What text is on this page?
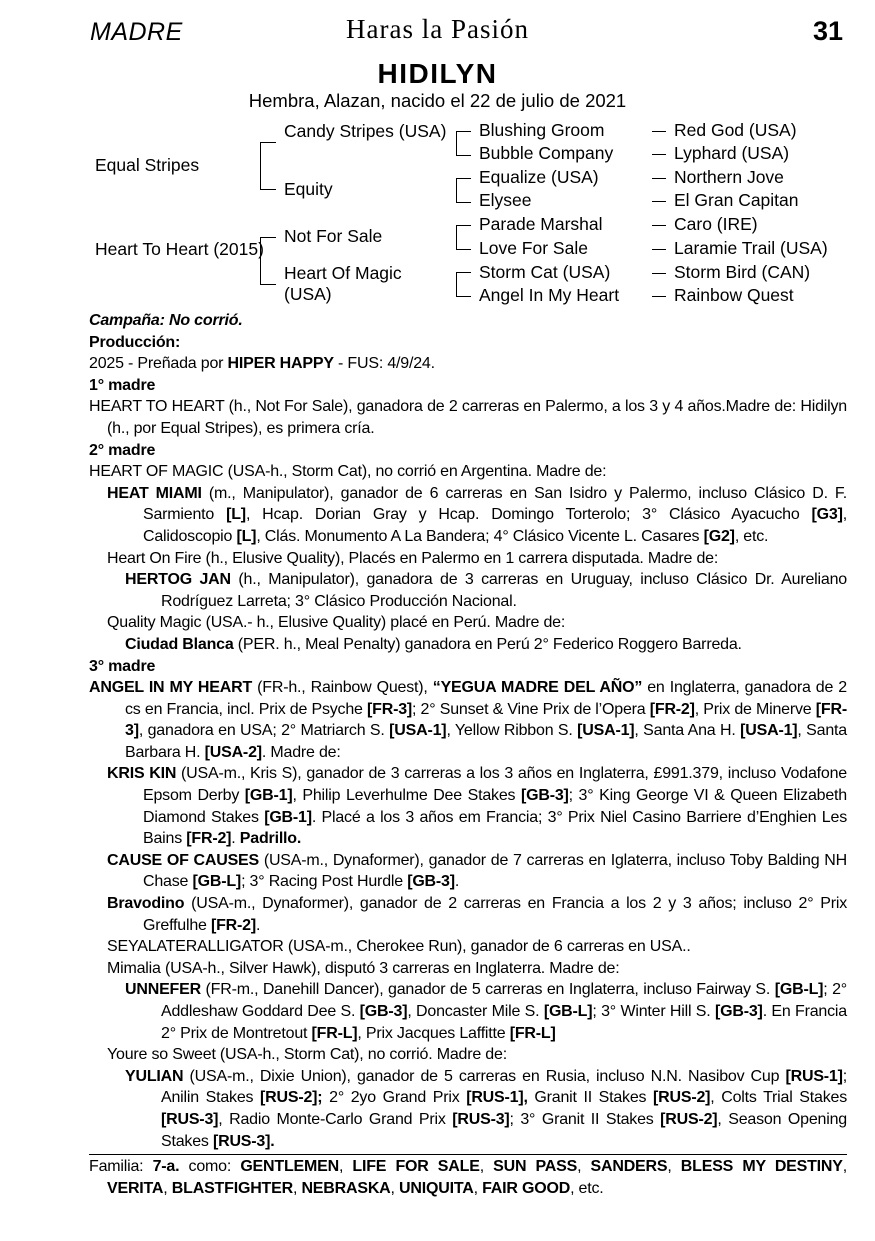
MADRE	Haras la Pasión	31
HIDILYN
Hembra, Alazan, nacido el 22 de julio de 2021
Equal Stripes
Heart To Heart (2015)
Candy Stripes (USA)
Equity
Not For Sale
Heart Of Magic (USA)
Blushing Groom
Bubble Company
Equalize (USA)
Elysee
Parade Marshal
Love For Sale
Storm Cat (USA)
Angel In My Heart
Red God (USA)
Lyphard (USA)
Northern Jove
El Gran Capitan
Caro (IRE)
Laramie Trail (USA)
Storm Bird (CAN)
Rainbow Quest

Campaña: No corrió.

Producción:

2025 - Preñada por HIPER HAPPY - FUS: 4/9/24.

1° madre

HEART TO HEART (h., Not For Sale), ganadora de 2 carreras en Palermo, a los 3 y 4 años.Madre de: Hidilyn (h., por Equal Stripes), es primera cría.

2° madre

HEART OF MAGIC (USA-h., Storm Cat), no corrió en Argentina. Madre de:

HEAT MIAMI (m., Manipulator), ganador de 6 carreras en San Isidro y Palermo, incluso Clásico D. F. Sarmiento [L], Hcap. Dorian Gray y Hcap. Domingo Torterolo; 3° Clásico Ayacucho [G3], Calidoscopio [L], Clás. Monumento A La Bandera; 4° Clásico Vicente L. Casares [G2], etc.

Heart On Fire (h., Elusive Quality), Placés en Palermo en 1 carrera disputada. Madre de:

HERTOG JAN (h., Manipulator), ganadora de 3 carreras en Uruguay, incluso Clásico Dr. Aureliano Rodríguez Larreta; 3° Clásico Producción Nacional.

Quality Magic (USA.- h., Elusive Quality) placé en Perú. Madre de:

Ciudad Blanca (PER. h., Meal Penalty) ganadora en Perú 2° Federico Roggero Barreda.

3° madre

ANGEL IN MY HEART (FR-h., Rainbow Quest), “YEGUA MADRE DEL AÑO” en Inglaterra, ganadora de 2 cs en Francia, incl. Prix de Psyche [FR-3]; 2° Sunset & Vine Prix de l’Opera [FR-2], Prix de Minerve [FR-3], ganadora en USA; 2° Matriarch S. [USA-1], Yellow Ribbon S. [USA-1], Santa Ana H. [USA-1], Santa Barbara H. [USA-2]. Madre de:

KRIS KIN (USA-m., Kris S), ganador de 3 carreras a los 3 años en Inglaterra, £991.379, incluso Vodafone Epsom Derby [GB-1], Philip Leverhulme Dee Stakes [GB-3]; 3° King George VI & Queen Elizabeth Diamond Stakes [GB-1]. Placé a los 3 años em Francia; 3° Prix Niel Casino Barriere d’Enghien Les Bains [FR-2]. Padrillo.

CAUSE OF CAUSES (USA-m., Dynaformer), ganador de 7 carreras en Iglaterra, incluso Toby Balding NH Chase [GB-L]; 3° Racing Post Hurdle [GB-3].

Bravodino (USA-m., Dynaformer), ganador de 2 carreras en Francia a los 2 y 3 años; incluso 2° Prix Greffulhe [FR-2].

SEYALATERALLIGATOR (USA-m., Cherokee Run), ganador de 6 carreras en USA..

Mimalia (USA-h., Silver Hawk), disputó 3 carreras en Inglaterra. Madre de:

UNNEFER (FR-m., Danehill Dancer), ganador de 5 carreras en Inglaterra, incluso Fairway S. [GB-L]; 2° Addleshaw Goddard Dee S. [GB-3], Doncaster Mile S. [GB-L]; 3° Winter Hill S. [GB-3]. En Francia 2° Prix de Montretout [FR-L], Prix Jacques Laffitte [FR-L]

Youre so Sweet (USA-h., Storm Cat), no corrió. Madre de:

YULIAN (USA-m., Dixie Union), ganador de 5 carreras en Rusia, incluso N.N. Nasibov Cup [RUS-1]; Anilin Stakes [RUS-2]; 2° 2yo Grand Prix [RUS-1], Granit II Stakes [RUS-2], Colts Trial Stakes [RUS-3], Radio Monte-Carlo Grand Prix [RUS-3]; 3° Granit II Stakes [RUS-2], Season Opening Stakes [RUS-3].

Familia: 7-a. como: GENTLEMEN, LIFE FOR SALE, SUN PASS, SANDERS, BLESS MY DESTINY, VERITA, BLASTFIGHTER, NEBRASKA, UNIQUITA, FAIR GOOD, etc.
